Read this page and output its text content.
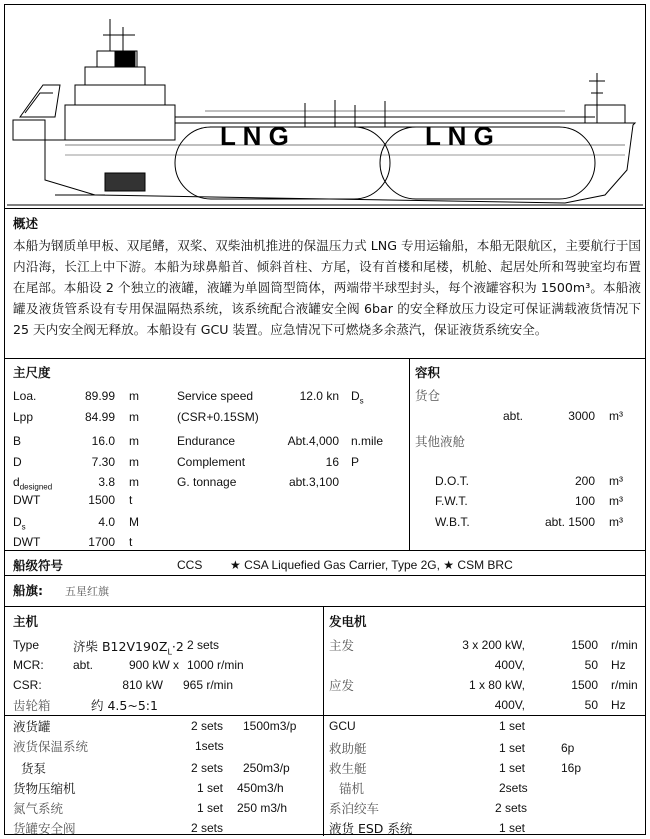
L N G	L N G
概述
本船为钢质单甲板、双尾鳍，双桨、双柴油机推进的保温压力式 LNG 专用运输船，本船无限航区，主要航行于国内沿海，长江上中下游。本船为球鼻船首、倾斜首柱、方尾，设有首楼和尾楼，机舱、起居处所和驾驶室均布置在尾部。本船设 2 个独立的液罐，液罐为单圆筒型筒体，两端带半球型封头，每个液罐容积为 1500m³。本船液罐及液货管系设有专用保温隔热系统，该系统配合液罐安全阀 6bar 的安全释放压力设定可保证满载液货情况下 25 天内安全阀无释放。本船设有 GCU 装置。应急情况下可燃烧多余蒸汽，保证液货系统安全。
主尺度
Loa.	89.99 m
Lpp	84.99 m
B	16.0 m
D	7.30 m
$d_{designed}$	3.8 m
DWT	1500 t
$D_s$	4.0 M
DWT	1700 t
Service speed	12.0 kn $D_s$
(CSR+0.15SM)
Endurance	Abt.4,000 n.mile
Complement	16 P
G. tonnage	abt.3,100
容积
货仓
abt.	3000 m³
其他液舱
D.O.T.	200 m³
F.W.T.	100 m³
W.B.T.	abt. 1500 m³
船级符号	CCS ★ CSA Liquefied Gas Carrier, Type 2G, ★ CSM BRC
船旗: 五星红旗
主机
Type	济柴 $B12V190Z_L\cdot 2$ 2 sets
MCR: abt.	900 kW x 1000 r/min
CSR:	810 kW 965 r/min
齿轮箱	约 4.5~5:1
发电机
主发	3 x 200 kW,	1500 r/min
400V,	50 Hz
应发	1 x 80 kW,	1500 r/min
400V,	50 Hz
液货罐	2 sets 1500m3/p
液货保温系统	1sets
货泵	2 sets 250m3/p
货物压缩机	1 set 450m3/h
氮气系统	1 set 250 m3/h
货罐安全阀	2 sets
GCU	1 set
救助艇	1 set	6p
救生艇	1 set	16p
锚机	2sets
系泊绞车	2 sets
液货 ESD 系统	1 set
